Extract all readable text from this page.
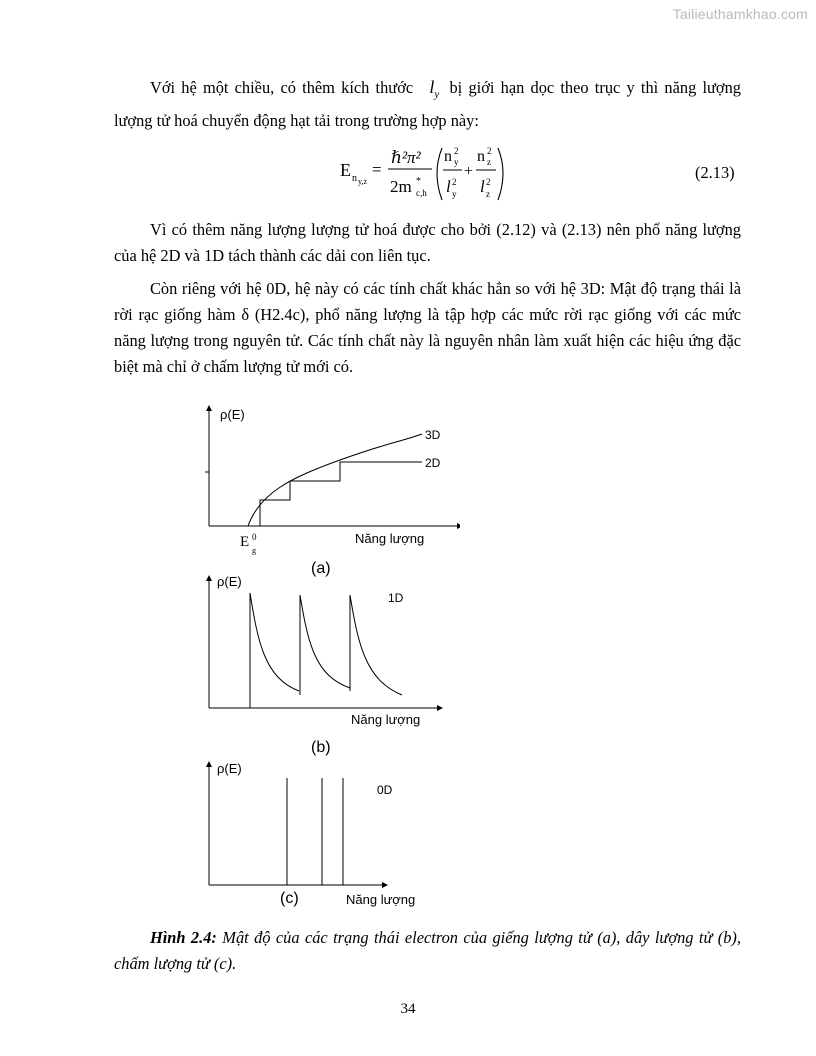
Tailieuthamkhao.com

Với hệ một chiều, có thêm kích thước $l_y$ bị giới hạn dọc theo trục y thì năng lượng lượng tử hoá chuyển động hạt tải trong trường hợp này:

E n y,z
=
ℏ²π²
2m *
c,h
n 2
y
l 2
y
+
n 2
z
l 2
z
(2.13)

Vì có thêm năng lượng lượng tử hoá được cho bởi (2.12) và (2.13) nên phổ năng lượng của hệ 2D và 1D tách thành các dải con liên tục.

Còn riêng với hệ 0D, hệ này có các tính chất khác hẳn so với hệ 3D: Mật độ trạng thái là rời rạc giống hàm δ (H2.4c), phổ năng lượng là tập hợp các mức rời rạc giống với các mức năng lượng trong nguyên tử. Các tính chất này là nguyên nhân làm xuất hiện các hiệu ứng đặc biệt mà chỉ ở chấm lượng tử mới có.

ρ(E)
3D
2D
Năng lượng
(a)
E 0
g
ρ(E)
1D
Năng lượng
(b)
ρ(E)
0D
(c)	Năng lượng

Hình 2.4: Mật độ của các trạng thái electron của giếng lượng tử (a), dây lượng tử (b), chấm lượng tử (c).

34
